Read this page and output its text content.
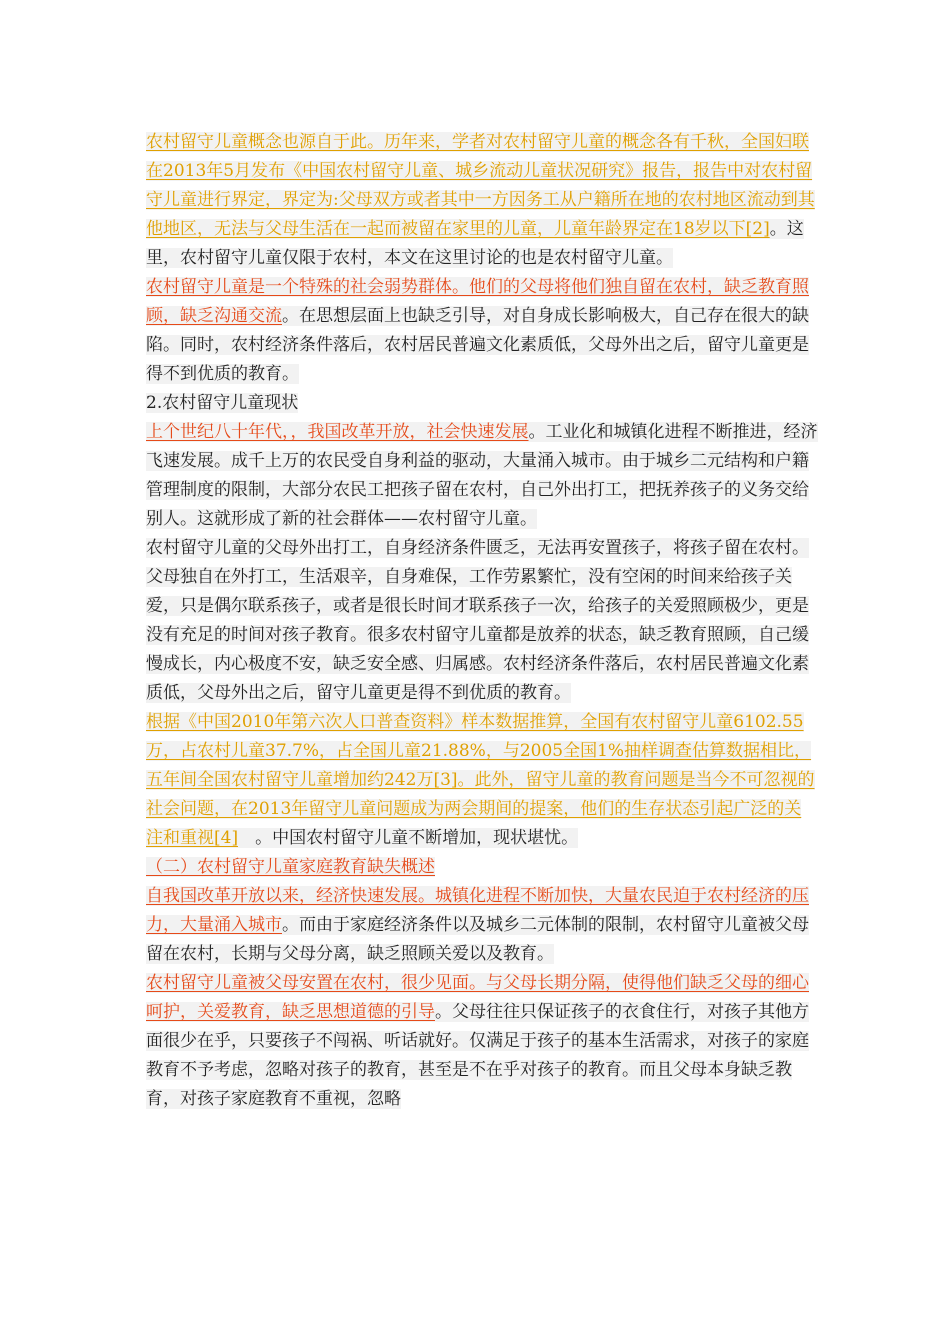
农村留守儿童概念也源自于此。历年来，学者对农村留守儿童的概念各有千秋，全国妇联在2013年5月发布《中国农村留守儿童、城乡流动儿童状况研究》报告，报告中对农村留守儿童进行界定，界定为:父母双方或者其中一方因务工从户籍所在地的农村地区流动到其他地区，无法与父母生活在一起而被留在家里的儿童，儿童年龄界定在18岁以下[2]。这里，农村留守儿童仅限于农村，本文在这里讨论的也是农村留守儿童。

农村留守儿童是一个特殊的社会弱势群体。他们的父母将他们独自留在农村，缺乏教育照顾，缺乏沟通交流。在思想层面上也缺乏引导，对自身成长影响极大，自己存在很大的缺陷。同时，农村经济条件落后，农村居民普遍文化素质低，父母外出之后，留守儿童更是得不到优质的教育。

2.农村留守儿童现状

上个世纪八十年代，，我国改革开放，社会快速发展。工业化和城镇化进程不断推进，经济飞速发展。成千上万的农民受自身利益的驱动，大量涌入城市。由于城乡二元结构和户籍管理制度的限制，大部分农民工把孩子留在农村，自己外出打工，把抚养孩子的义务交给别人。这就形成了新的社会群体——农村留守儿童。

农村留守儿童的父母外出打工，自身经济条件匮乏，无法再安置孩子，将孩子留在农村。父母独自在外打工，生活艰辛，自身难保，工作劳累繁忙，没有空闲的时间来给孩子关爱，只是偶尔联系孩子，或者是很长时间才联系孩子一次，给孩子的关爱照顾极少，更是没有充足的时间对孩子教育。很多农村留守儿童都是放养的状态，缺乏教育照顾，自己缓慢成长，内心极度不安，缺乏安全感、归属感。农村经济条件落后，农村居民普遍文化素质低，父母外出之后，留守儿童更是得不到优质的教育。

根据《中国2010年第六次人口普查资料》样本数据推算，全国有农村留守儿童6102.55万，占农村儿童37.7%，占全国儿童21.88%，与2005全国1%抽样调查估算数据相比，五年间全国农村留守儿童增加约242万[3]。此外，留守儿童的教育问题是当今不可忽视的社会问题，在2013年留守儿童问题成为两会期间的提案，他们的生存状态引起广泛的关注和重视[4]　。中国农村留守儿童不断增加，现状堪忧。

（二）农村留守儿童家庭教育缺失概述

自我国改革开放以来，经济快速发展。城镇化进程不断加快，大量农民迫于农村经济的压力，大量涌入城市。而由于家庭经济条件以及城乡二元体制的限制，农村留守儿童被父母留在农村，长期与父母分离，缺乏照顾关爱以及教育。

农村留守儿童被父母安置在农村，很少见面。与父母长期分隔，使得他们缺乏父母的细心呵护，关爱教育，缺乏思想道德的引导。父母往往只保证孩子的衣食住行，对孩子其他方面很少在乎，只要孩子不闯祸、听话就好。仅满足于孩子的基本生活需求，对孩子的家庭教育不予考虑，忽略对孩子的教育，甚至是不在乎对孩子的教育。而且父母本身缺乏教育，对孩子家庭教育不重视，忽略
